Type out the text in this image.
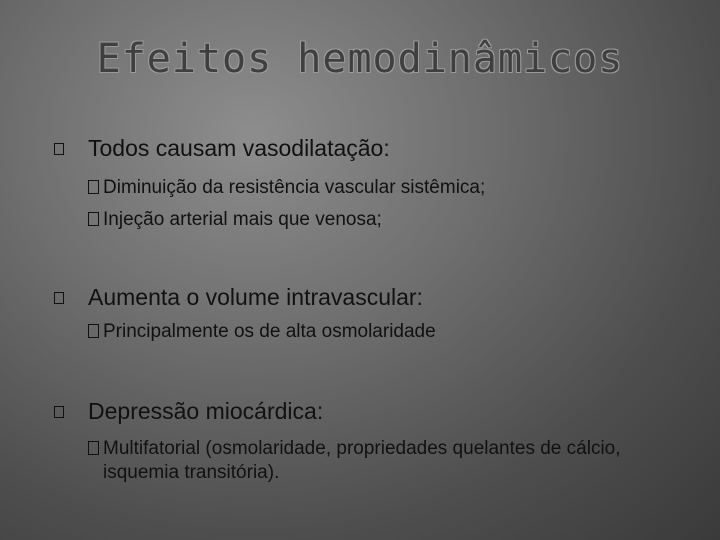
Efeitos hemodinâmicos
Todos causam vasodilatação:
Diminuição da resistência vascular sistêmica;
Injeção arterial mais que venosa;
Aumenta o volume intravascular:
Principalmente os de alta osmolaridade
Depressão miocárdica:
Multifatorial (osmolaridade, propriedades quelantes de cálcio, isquemia transitória).
